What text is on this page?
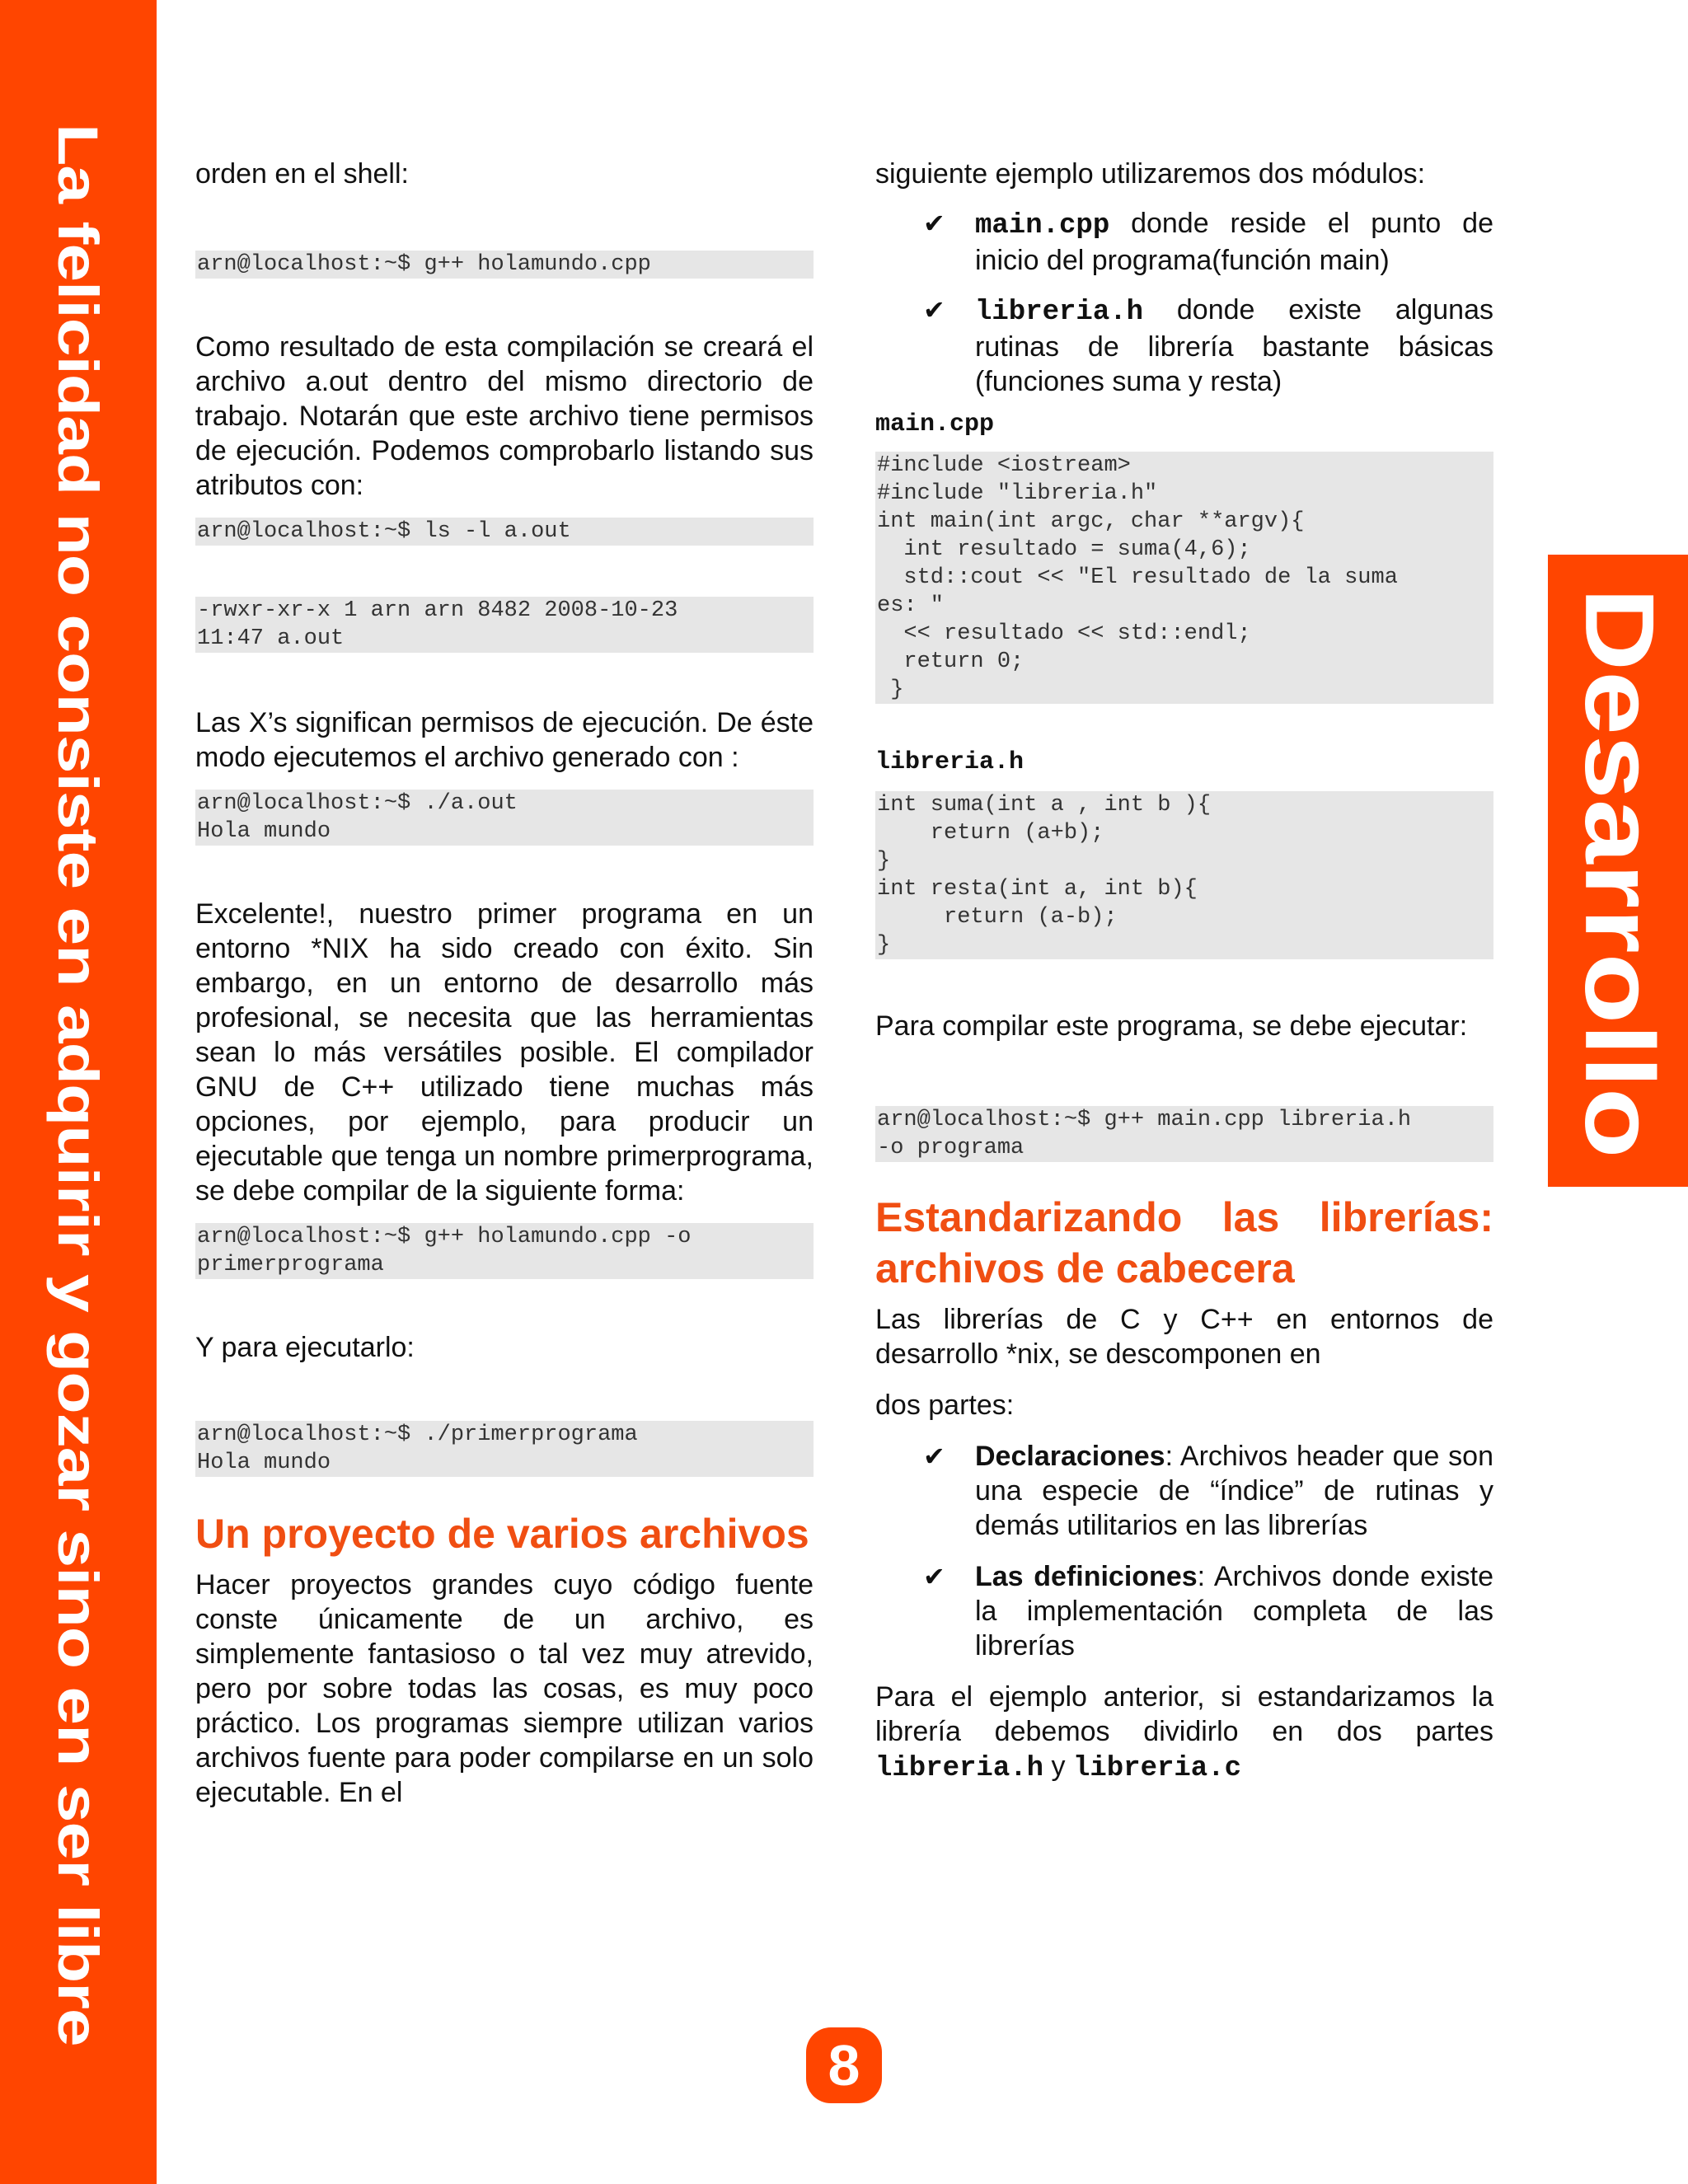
La felicidad no consiste en adquirir y gozar sino en ser libre	Desarrollo

orden en el shell:

arn@localhost:~$ g++ holamundo.cpp

Como resultado de esta compilación se creará el archivo a.out dentro del mismo directorio de trabajo. Notarán que este archivo tiene permisos de ejecución. Podemos comprobarlo listando sus atributos con:

arn@localhost:~$ ls -l a.out
-rwxr-xr-x 1 arn arn 8482 2008-10-23
11:47 a.out

Las X’s significan permisos de ejecución. De éste modo ejecutemos el archivo generado con :

arn@localhost:~$ ./a.out
Hola mundo

Excelente!, nuestro primer programa en un entorno *NIX ha sido creado con éxito. Sin embargo, en un entorno de desarrollo más profesional, se necesita que las herramientas sean lo más versátiles posible. El compilador GNU de C++ utilizado tiene muchas más opciones, por ejemplo, para producir un ejecutable que tenga un nombre primerprograma, se debe compilar de la siguiente forma:

arn@localhost:~$ g++ holamundo.cpp -o
primerprograma

Y para ejecutarlo:

arn@localhost:~$ ./primerprograma
Hola mundo
Un proyecto de varios archivos

Hacer proyectos grandes cuyo código fuente conste únicamente de un archivo, es simplemente fantasioso o tal vez muy atrevido, pero por sobre todas las cosas, es muy poco práctico. Los programas siempre utilizan varios archivos fuente para poder compilarse en un solo ejecutable. En el

siguiente ejemplo utilizaremos dos módulos:

✔ main.cpp donde reside el punto de inicio del programa(función main)
✔ libreria.h donde existe algunas rutinas de librería bastante básicas (funciones suma y resta)

main.cpp

#include <iostream>
#include "libreria.h"
int main(int argc, char **argv){
int resultado = suma(4,6);
std::cout << "El resultado de la suma
es: "
<< resultado << std::endl;
return 0;
}

libreria.h

int suma(int a , int b ){
return (a+b);
}
int resta(int a, int b){
return (a-b);
}

Para compilar este programa, se debe ejecutar:

arn@localhost:~$ g++ main.cpp libreria.h
-o programa
Estandarizando las librerías: archivos de cabecera

Las librerías de C y C++ en entornos de desarrollo *nix, se descomponen en

dos partes:

✔ Declaraciones: Archivos header que son una especie de “índice” de rutinas y demás utilitarios en las librerías
✔ Las definiciones: Archivos donde existe la implementación completa de las librerías

Para el ejemplo anterior, si estandarizamos la librería debemos dividirlo en dos partes libreria.h y libreria.c

8
